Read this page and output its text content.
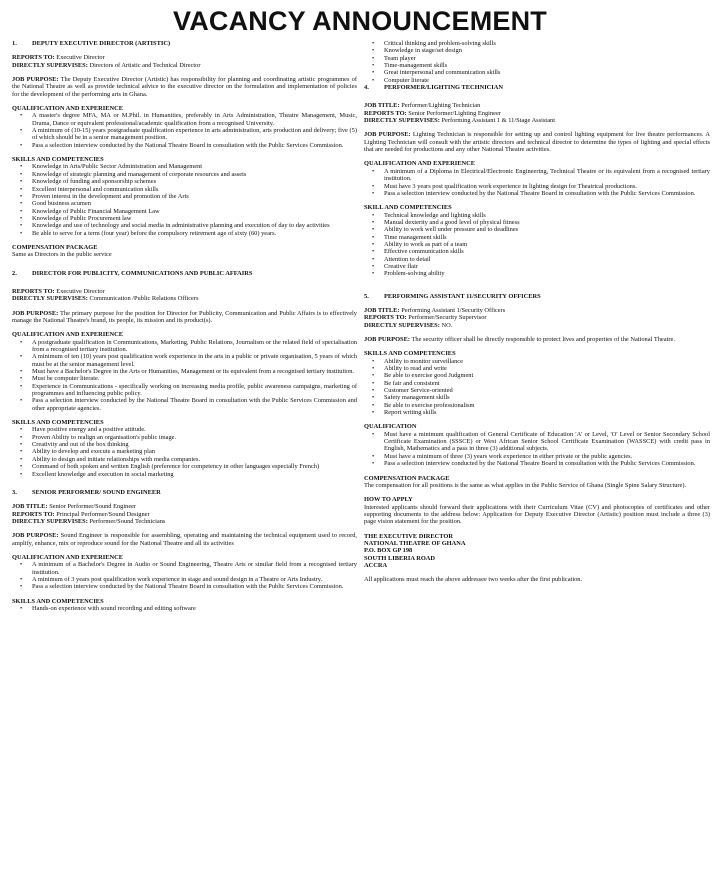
VACANCY ANNOUNCEMENT
1. DEPUTY EXECUTIVE DIRECTOR (ARTISTIC)

REPORTS TO: Executive Director

DIRECTLY SUPERVISES: Directors of Artistic and Technical Director

JOB PURPOSE: The Deputy Executive Director (Artistic) has responsibility for planning and coordinating artistic programmes of the National Theatre as well as provide technical advice to the executive director on the formulation and implementation of policies for the development of the performing arts in Ghana.

QUALIFICATION AND EXPERIENCE
• A master's degree MFA, MA or M.Phil. in Humanities, preferably in Arts Administration, Theatre Management, Music, Drama, Dance or equivalent professional/academic qualification from a recognised University.
• A minimum of (10-15) years postgraduate qualification experience in arts administration, arts production and delivery; five (5) of which should be in a senior management position.
• Pass a selection interview conducted by the National Theatre Board in consultation with the Public Services Commission.
SKILLS AND COMPETENCIES
• Knowledge in Arts/Public Sector Administration and Management
• Knowledge of strategic planning and management of corporate resources and assets
• Knowledge of funding and sponsorship schemes
• Excellent interpersonal and communication skills
• Proven interest in the development and promotion of the Arts
• Good business acumen
• Knowledge of Public Financial Management Law
• Knowledge of Public Procurement law
• Knowledge and use of technology and social media in administrative planning and execution of day to day activities
• Be able to serve for a term (four year) before the compulsory retirement age of sixty (60) years.
COMPENSATION PACKAGE

Same as Directors in the public service

2. DIRECTOR FOR PUBLICITY, COMMUNICATIONS AND PUBLIC AFFAIRS

REPORTS TO: Executive Director

DIRECTLY SUPERVISES: Communication /Public Relations Officers

JOB PURPOSE: The primary purpose for the position for Director for Publicity, Communication and Public Affairs is to effectively manage the National Theatre's brand, its people, its mission and its product(s).

QUALIFICATION AND EXPERIENCE
• A postgraduate qualification in Communications, Marketing, Public Relations, Journalism or the related field of specialisation from a recognised tertiary institution.
• A minimum of ten (10) years post qualification work experience in the arts in a public or private organisation, 5 years of which must be at the senior management level.
• Must have a Bachelor's Degree in the Arts or Humanities, Management or its equivalent from a recognised tertiary institution.
• Must be computer literate.
• Experience in Communications - specifically working on increasing media profile, public awareness campaigns, marketing of programmes and influencing public policy.
• Pass a selection interview conducted by the National Theatre Board in consultation with the Public Services Commission and other appropriate agencies.
SKILLS AND COMPETENCIES
• Have positive energy and a positive attitude.
• Proven Ability to realign an organisation's public image.
• Creativity and out of the box thinking
• Ability to develop and execute a marketing plan
• Ability to design and initiate relationships with media companies.
• Command of both spoken and written English (preference for competency in other languages especially French)
• Excellent knowledge and execution in social marketing
3. SENIOR PERFORMER/ SOUND ENGINEER

JOB TITLE: Senior Performer/Sound Engineer

REPORTS TO: Principal Performer/Sound Designer

DIRECTLY SUPERVISES: Performer/Sound Technicians

JOB PURPOSE: Sound Engineer is responsible for assembling, operating and maintaining the technical equipment used to record, amplify, enhance, mix or reproduce sound for the National Theatre and all its activities

QUALIFICATION AND EXPERIENCE
• A minimum of a Bachelor's Degree in Audio or Sound Engineering, Theatre Arts or similar field from a recognised tertiary institution.
• A minimum of 3 years post qualification work experience in stage and sound design in a Theatre or Arts Industry.
• Pass a selection interview conducted by the National Theatre Board in consultation with the Public Services Commission.
SKILLS AND COMPETENCIES
• Hands-on experience with sound recording and editing software
• Critical thinking and problem-solving skills
• Knowledge in stage/set design
• Team player
• Time-management skills
• Great interpersonal and communication skills
• Computer literate
4. PERFORMER/LIGHTING TECHNICIAN

JOB TITLE: Performer/Lighting Technician

REPORTS TO: Senior Performer/Lighting Engineer

DIRECTLY SUPERVISES: Performing Assistant 1 & 11/Stage Assistant

JOB PURPOSE: Lighting Technician is responsible for setting up and control lighting equipment for live theatre performances. A Lighting Technician will consult with the artistic directors and technical director to determine the types of lighting and special effects that are needed for productions and any other National Theatre activities.

QUALIFICATION AND EXPERIENCE
• A minimum of a Diploma in Electrical/Electronic Engineering, Technical Theatre or its equivalent from a recognised tertiary institution.
• Must have 3 years post qualification work experience in lighting design for Theatrical productions.
• Pass a selection interview conducted by the National Theatre Board in consultation with the Public Services Commission.
SKILL AND COMPETENCIES
• Technical knowledge and lighting skills
• Manual dexterity and a good level of physical fitness
• Ability to work well under pressure and to deadlines
• Time management skills
• Ability to work as part of a team
• Effective communication skills
• Attention to detail
• Creative flair
• Problem-solving ability
5. PERFORMING ASSISTANT 11/SECURITY OFFICERS

JOB TITLE: Performing Assistant 1/Security Officers

REPORTS TO: Performer/Security Supervisor

DIRECTLY SUPERVISES: NO.

JOB PURPOSE: The security officer shall be directly responsible to protect lives and properties of the National Theatre.

SKILLS AND COMPETENCIES
• Ability to monitor surveillance
• Ability to read and write
• Be able to exercise good Judgment
• Be fair and consistent
• Customer Service-oriented
• Safety management skills
• Be able to exercise professionalism
• Report writing skills
QUALIFICATION
• Must have a minimum qualification of General Certificate of Education 'A' or Level, 'O' Level or Senior Secondary School Certificate Examination (SSSCE) or West African Senior School Certificate Examination (WASSCE) with credit pass in English, Mathematics and a pass in three (3) additional subjects.
• Must have a minimum of three (3) years work experience in either private or the public agencies.
• Pass a selection interview conducted by the National Theatre Board in consultation with the Public Services Commission.
COMPENSATION PACKAGE

The compensation for all positions is the same as what applies in the Public Service of Ghana (Single Spine Salary Structure).

HOW TO APPLY

Interested applicants should forward their applications with their Curriculum Vitae (CV) and photocopies of certificates and other supporting documents to the address below: Application for Deputy Executive Director (Artistic) position must include a three (3) page vision statement for the position.

THE EXECUTIVE DIRECTOR
NATIONAL THEATRE OF GHANA
P.O. BOX GP 198
SOUTH LIBERIA ROAD
ACCRA

All applications must reach the above addressee two weeks after the first publication.
